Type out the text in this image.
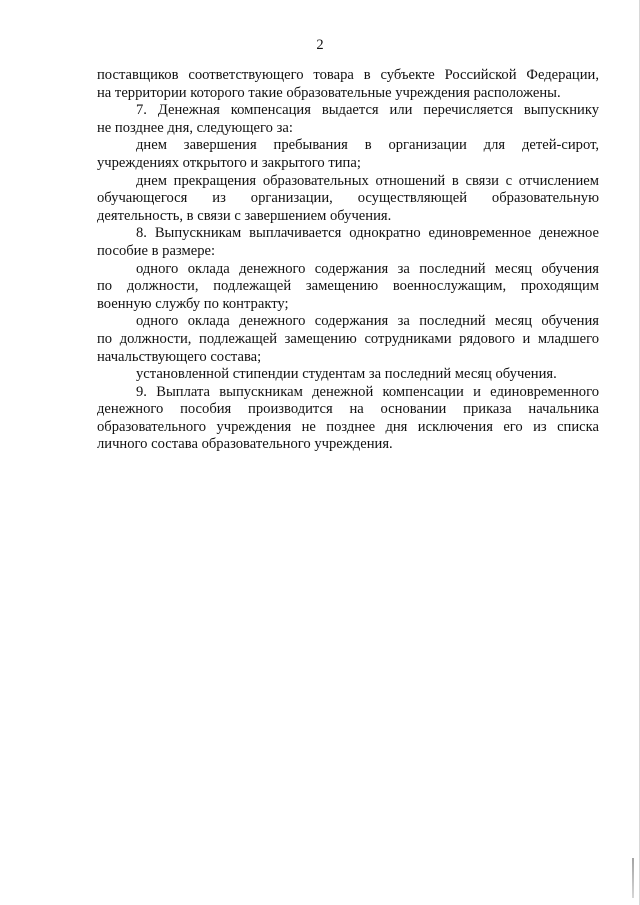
2
поставщиков соответствующего товара в субъекте Российской Федерации,
на территории которого такие образовательные учреждения расположены.
7. Денежная компенсация выдается или перечисляется выпускнику
не позднее дня, следующего за:
днем завершения пребывания в организации для детей-сирот,
учреждениях открытого и закрытого типа;
днем прекращения образовательных отношений в связи с отчислением
обучающегося из организации, осуществляющей образовательную
деятельность, в связи с завершением обучения.
8. Выпускникам выплачивается однократно единовременное денежное
пособие в размере:
одного оклада денежного содержания за последний месяц обучения
по должности, подлежащей замещению военнослужащим, проходящим
военную службу по контракту;
одного оклада денежного содержания за последний месяц обучения
по должности, подлежащей замещению сотрудниками рядового и младшего
начальствующего состава;
установленной стипендии студентам за последний месяц обучения.
9. Выплата выпускникам денежной компенсации и единовременного
денежного пособия производится на основании приказа начальника
образовательного учреждения не позднее дня исключения его из списка
личного состава образовательного учреждения.
